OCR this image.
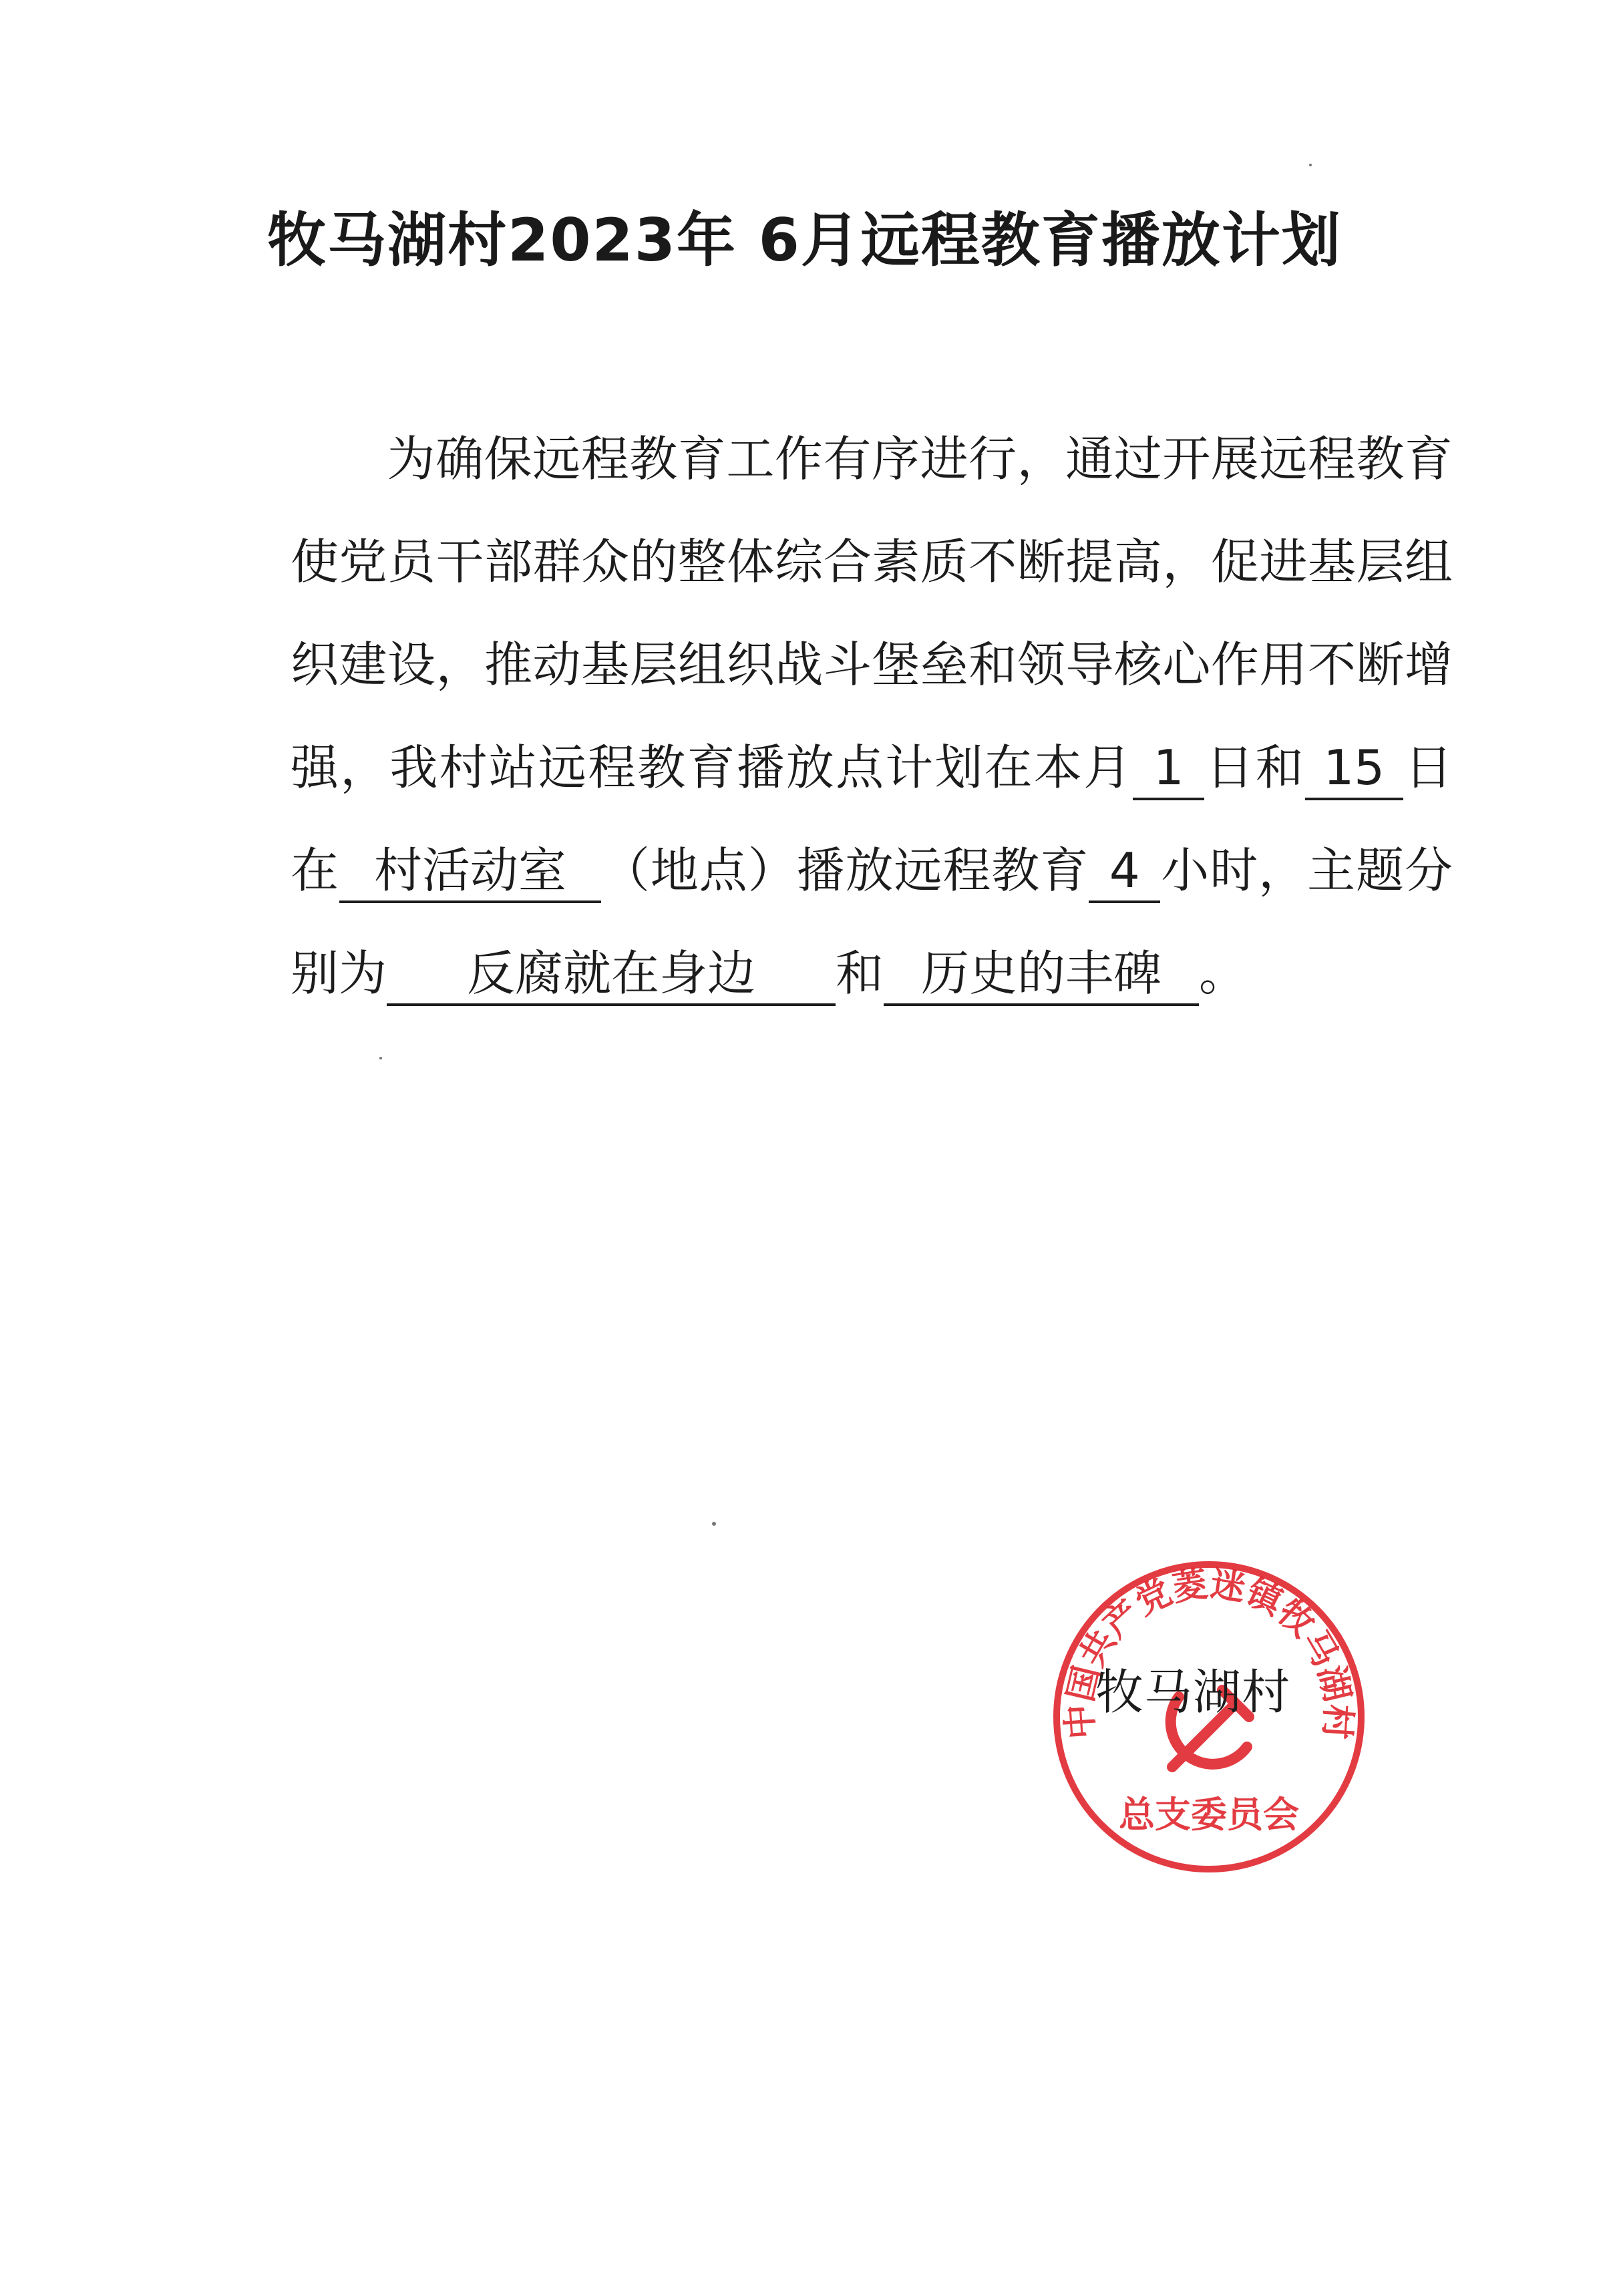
牧马湖村2023年 6月远程教育播放计划
为确保远程教育工作有序进行，通过开展远程教育使党员干部群众的整体综合素质不断提高，促进基层组织建设，推动基层组织战斗堡垒和领导核心作用不断增强，我村站远程教育播放点计划在本月 1 日和 15 日在 村活动室 （地点）播放远程教育 4 小时，主题分别为 反腐就在身边 和 历史的丰碑 。
中国共产党菱迷镇牧马湖村
总支委员会
牧马湖村
